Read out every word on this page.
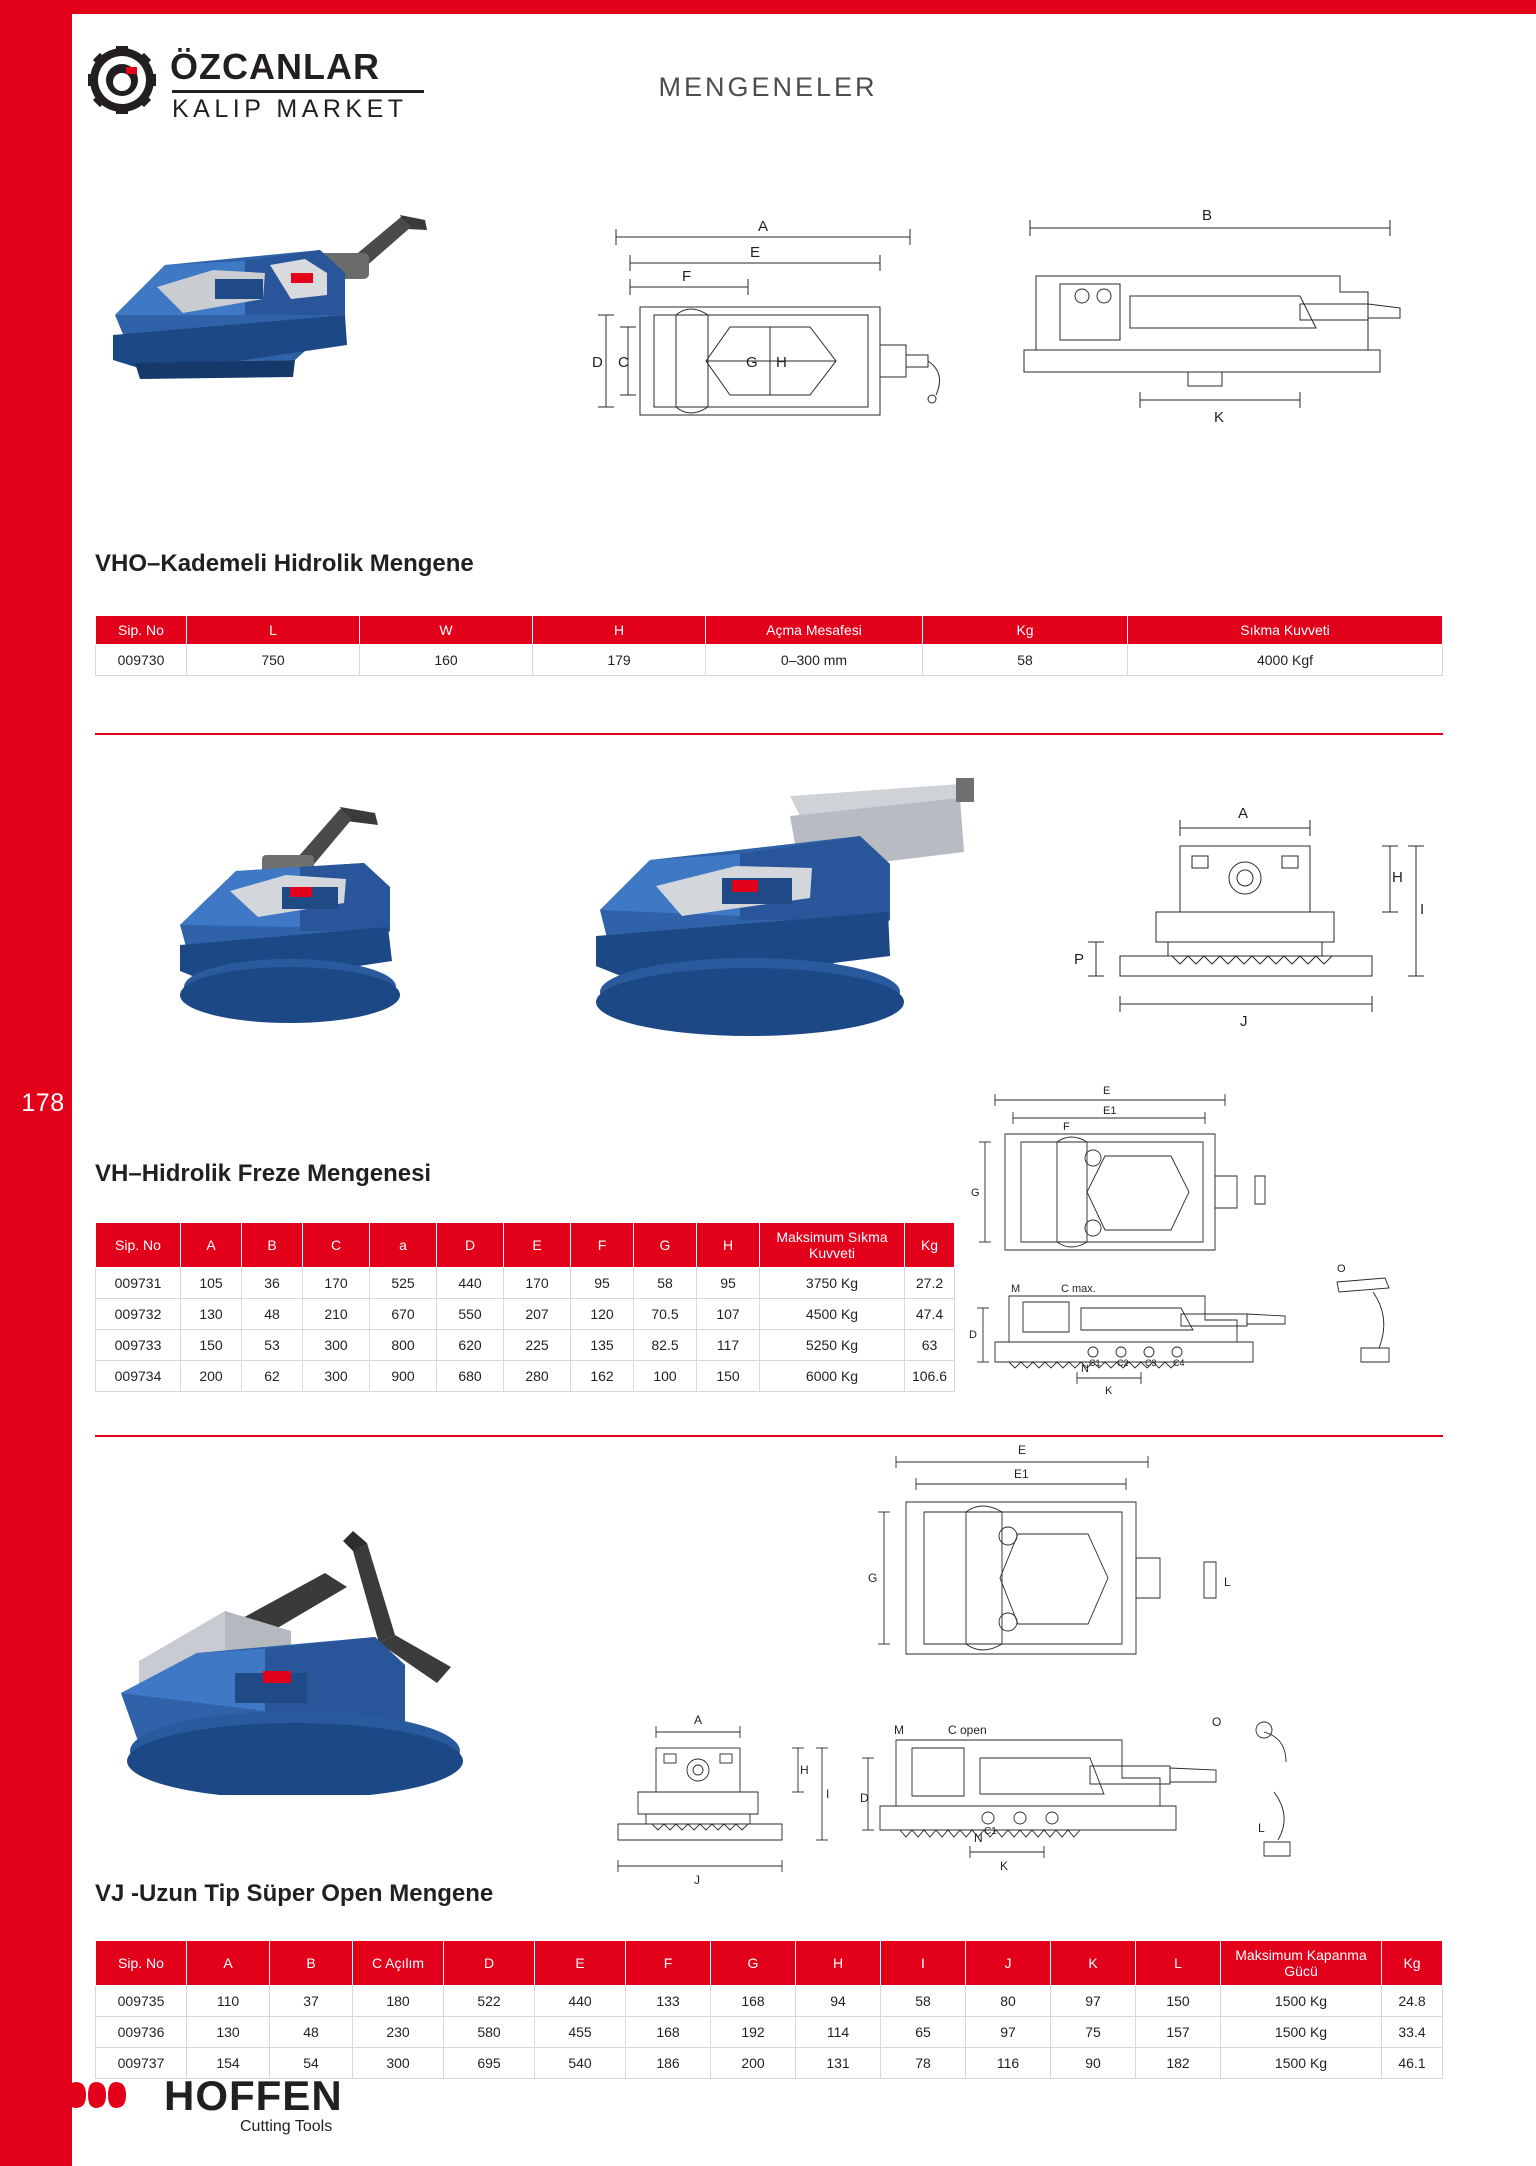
ÖZCANLAR
KALIP MARKET
MENGENELER
178
A
E
F
D C	G H
B
K
VHO–Kademeli Hidrolik Mengene
Sip. No	L	W	H	Açma Mesafesi	Kg	Sıkma Kuvveti
009730	750	160	179	0–300 mm	58	4000 Kgf
A
H
I
P
J
VH–Hidrolik Freze Mengenesi
Sip. No	A	B	C	a	D	E	F	G	H	Maksimum Sıkma Kuvveti	Kg
009731	105	36	170	525	440	170	95	58	95	3750 Kg	27.2
009732	130	48	210	670	550	207	120	70.5	107	4500 Kg	47.4
009733	150	53	300	800	620	225	135	82.5	117	5250 Kg	63
009734	200	62	300	900	680	280	162	100	150	6000 Kg	106.6
E
E1
G
F
M	C max.
D
O
C1 C2 C3 C4
K
N
E
E1
G	L
A
H
I
J
M	C open
D
O
C1
K
N
L
VJ -Uzun Tip Süper Open Mengene
Sip. No	A	B	C Açılım	D	E	F	G	H	I	J	K	L	Maksimum Kapanma Gücü	Kg
009735	110	37	180	522	440	133	168	94	58	80	97	150	1500 Kg	24.8
009736	130	48	230	580	455	168	192	114	65	97	75	157	1500 Kg	33.4
009737	154	54	300	695	540	186	200	131	78	116	90	182	1500 Kg	46.1
HOFFEN
Cutting Tools
